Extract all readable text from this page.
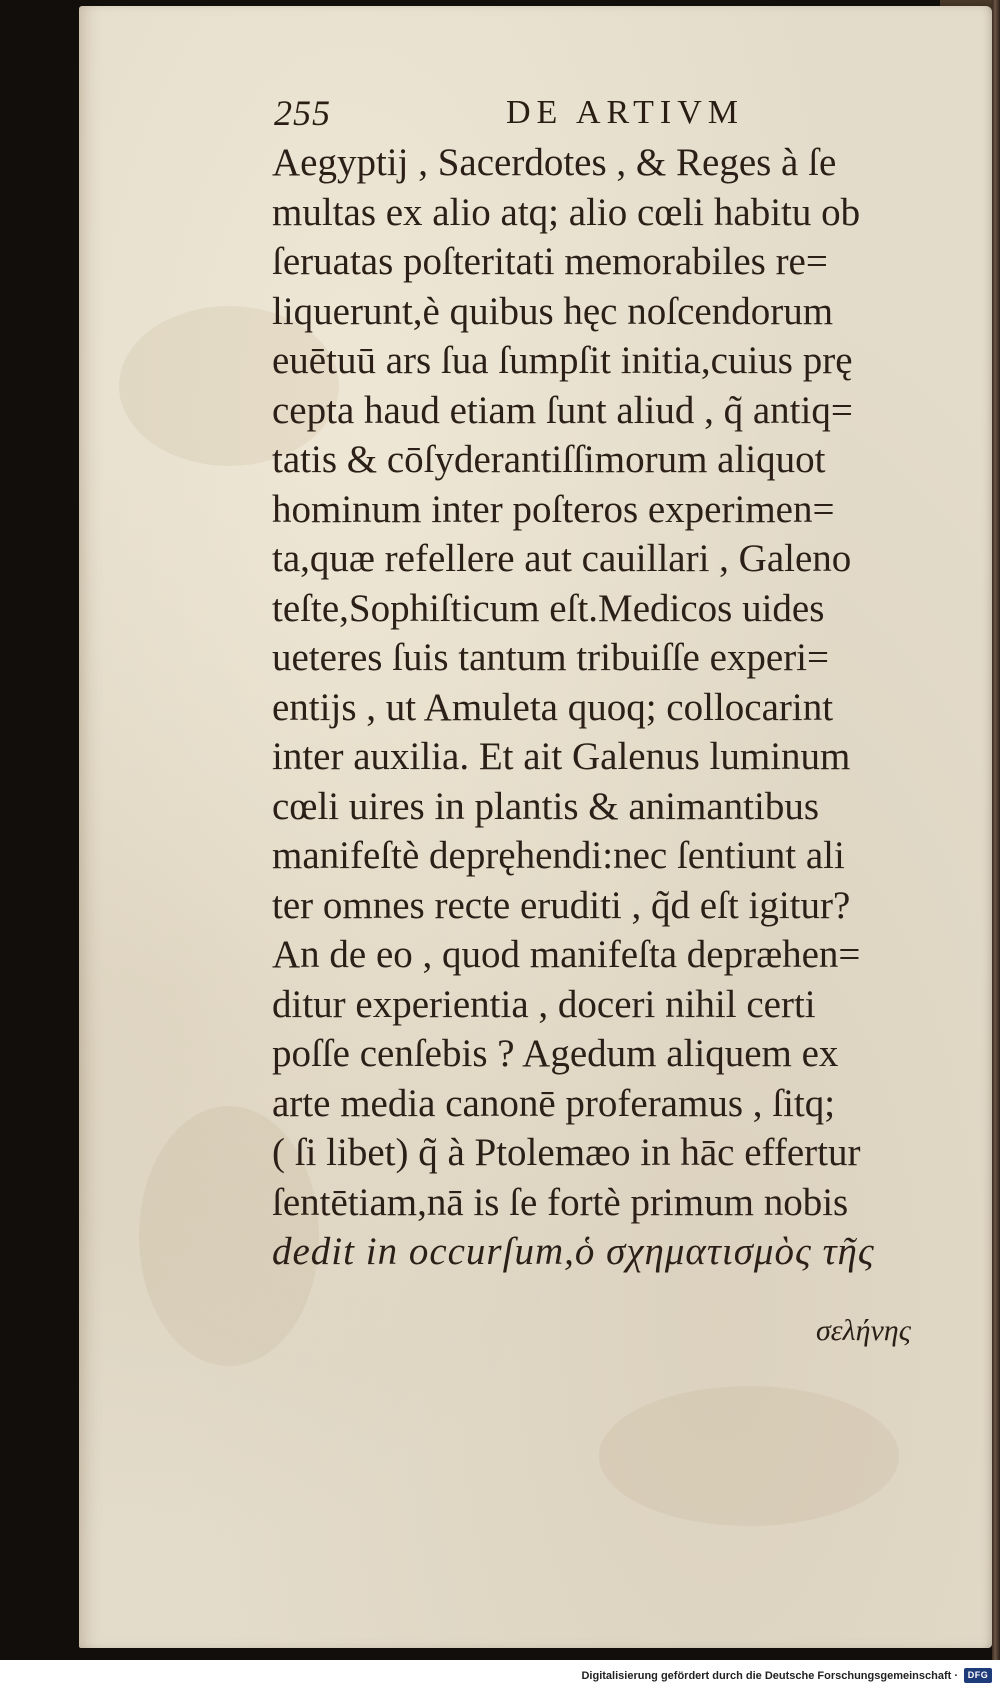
255	DE ARTIVM
Aegyptij , Sacerdotes , & Reges à ſe
multas ex alio atq; alio cœli habitu ob
ſeruatas poſteritati memorabiles re=
liquerunt,è quibus hęc noſcendorum
euētuū ars ſua ſumpſit initia,cuius prę
cepta haud etiam ſunt aliud , q̃ antiq=
tatis & cōſyderantiſſimorum aliquot
hominum inter poſteros experimen=
ta,quæ refellere aut cauillari , Galeno
teſte,Sophiſticum eſt.Medicos uides
ueteres ſuis tantum tribuiſſe experi=
entijs , ut Amuleta quoq; collocarint
inter auxilia. Et ait Galenus luminum
cœli uires in plantis & animantibus
manifeſtè depręhendi:nec ſentiunt ali
ter omnes recte eruditi , q̃d eſt igitur?
An de eo , quod manifeſta depræhen=
ditur experientia , doceri nihil certi
poſſe cenſebis ? Agedum aliquem ex
arte media canonē proferamus , ſitq;
( ſi libet) q̃ à Ptolemæo in hāc effertur
ſentētiam,nā is ſe fortè primum nobis
dedit in occurſum,ὁ σχηματισμὸς τῆς
σελήνης
Digitalisierung gefördert durch die Deutsche Forschungsgemeinschaft ·	DFG
